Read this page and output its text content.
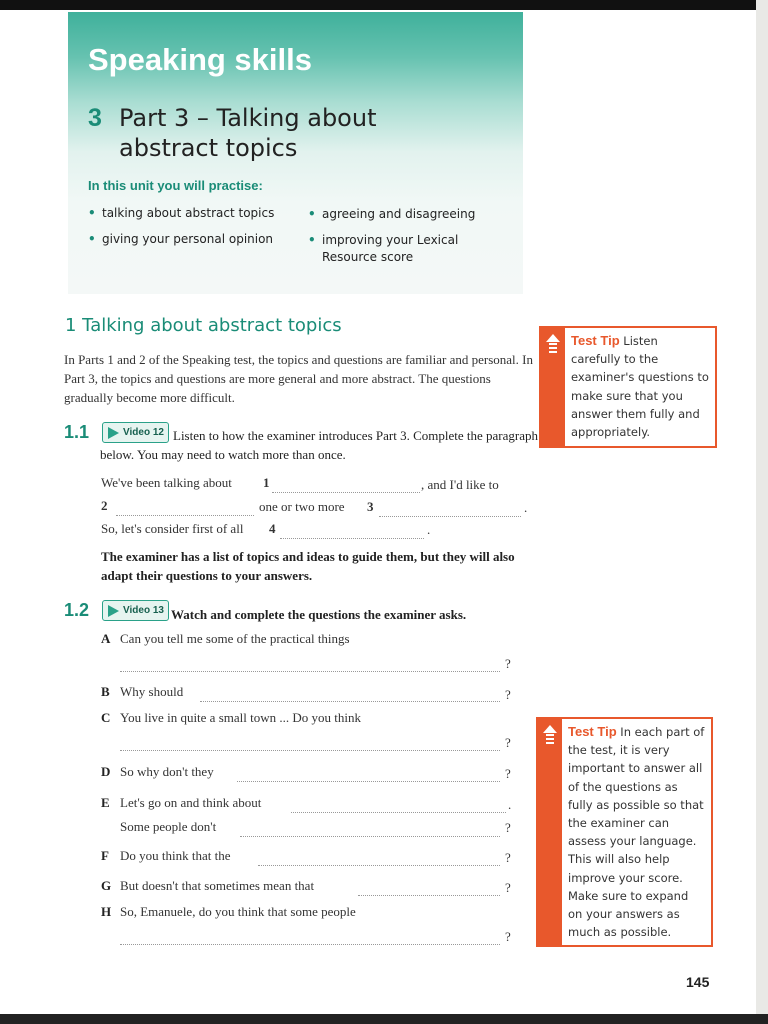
Speaking skills
3 Part 3 – Talking about abstract topics
In this unit you will practise:
• talking about abstract topics
• giving your personal opinion
• agreeing and disagreeing
• improving your Lexical Resource score
1 Talking about abstract topics
In Parts 1 and 2 of the Speaking test, the topics and questions are familiar and personal. In Part 3, the topics and questions are more general and more abstract. The questions gradually become more difficult.
1.1	Video 12 Listen to how the examiner introduces Part 3. Complete the paragraph below. You may need to watch more than once.
We've been talking about 1	, and I'd like to
2	one or two more 3	.
So, let's consider first of all 4	.
The examiner has a list of topics and ideas to guide them, but they will also adapt their questions to your answers.
1.2	Video 13 Watch and complete the questions the examiner asks.
A Can you tell me some of the practical things
?
B Why should	?
C You live in quite a small town ... Do you think
?
D So why don't they	?
E Let's go on and think about	.
Some people don't	?
F Do you think that the	?
G But doesn't that sometimes mean that	?
H So, Emanuele, do you think that some people
?
Test Tip Listen carefully to the examiner's questions to make sure that you answer them fully and appropriately.
Test Tip In each part of the test, it is very important to answer all of the questions as fully as possible so that the examiner can assess your language. This will also help improve your score. Make sure to expand on your answers as much as possible.
145
